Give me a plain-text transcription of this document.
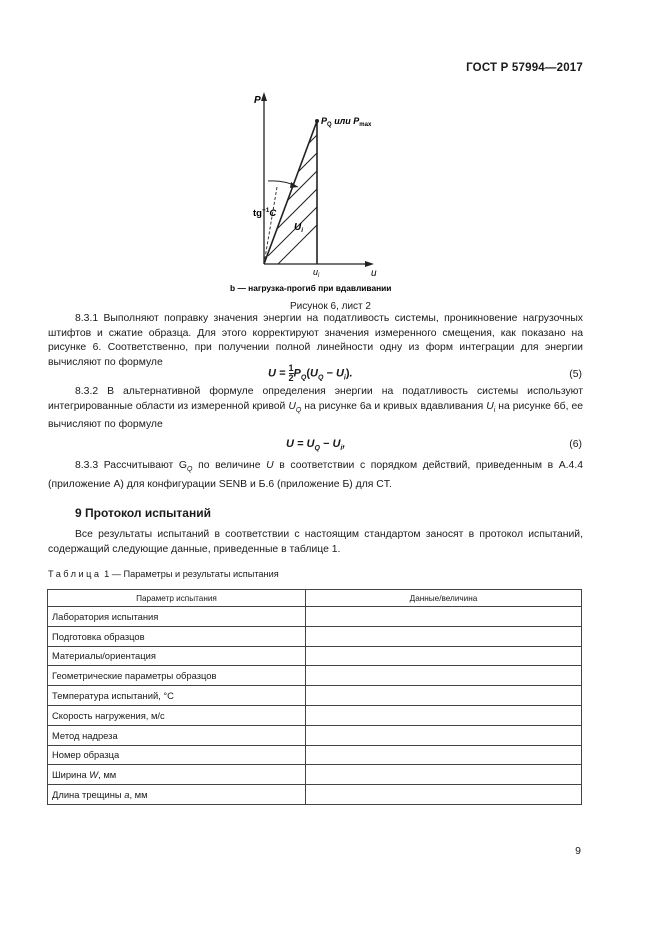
ГОСТ Р 57994—2017
P
u
$P_Q$ или $P_{max}$
$tg^{-1}C$
$U_i$
$u_i$
b — нагрузка-прогиб при вдавливании
Рисунок 6, лист 2
8.3.1 Выполняют поправку значения энергии на податливость системы, проникновение нагрузочных штифтов и сжатие образца. Для этого корректируют значения измеренного смещения, как показано на рисунке 6. Соответственно, при получении полной линейности одну из форм интеграции для энергии вычисляют по формуле
$U = \frac{1}{2} P_Q(U_Q - U_i)$.	(5)
8.3.2 В альтернативной формуле определения энергии на податливость системы используют интегрированные области из измеренной кривой $U_Q$ на рисунке 6а и кривых вдавливания $U_i$ на рисунке 6б, ее вычисляют по формуле
$U = U_Q - U_i$,	(6)
8.3.3 Рассчитывают $G_Q$ по величине U в соответствии с порядком действий, приведенным в А.4.4 (приложение А) для конфигурации SENB и Б.6 (приложение Б) для CT.
9 Протокол испытаний
Все результаты испытаний в соответствии с настоящим стандартом заносят в протокол испытаний, содержащий следующие данные, приведенные в таблице 1.
Таблица 1 — Параметры и результаты испытания
Параметр испытания	Данные/величина
Лаборатория испытания	
Подготовка образцов	
Материалы/ориентация	
Геометрические параметры образцов	
Температура испытаний, °С	
Скорость нагружения, м/с	
Метод надреза	
Номер образца	
Ширина W, мм	
Длина трещины a, мм	
9
